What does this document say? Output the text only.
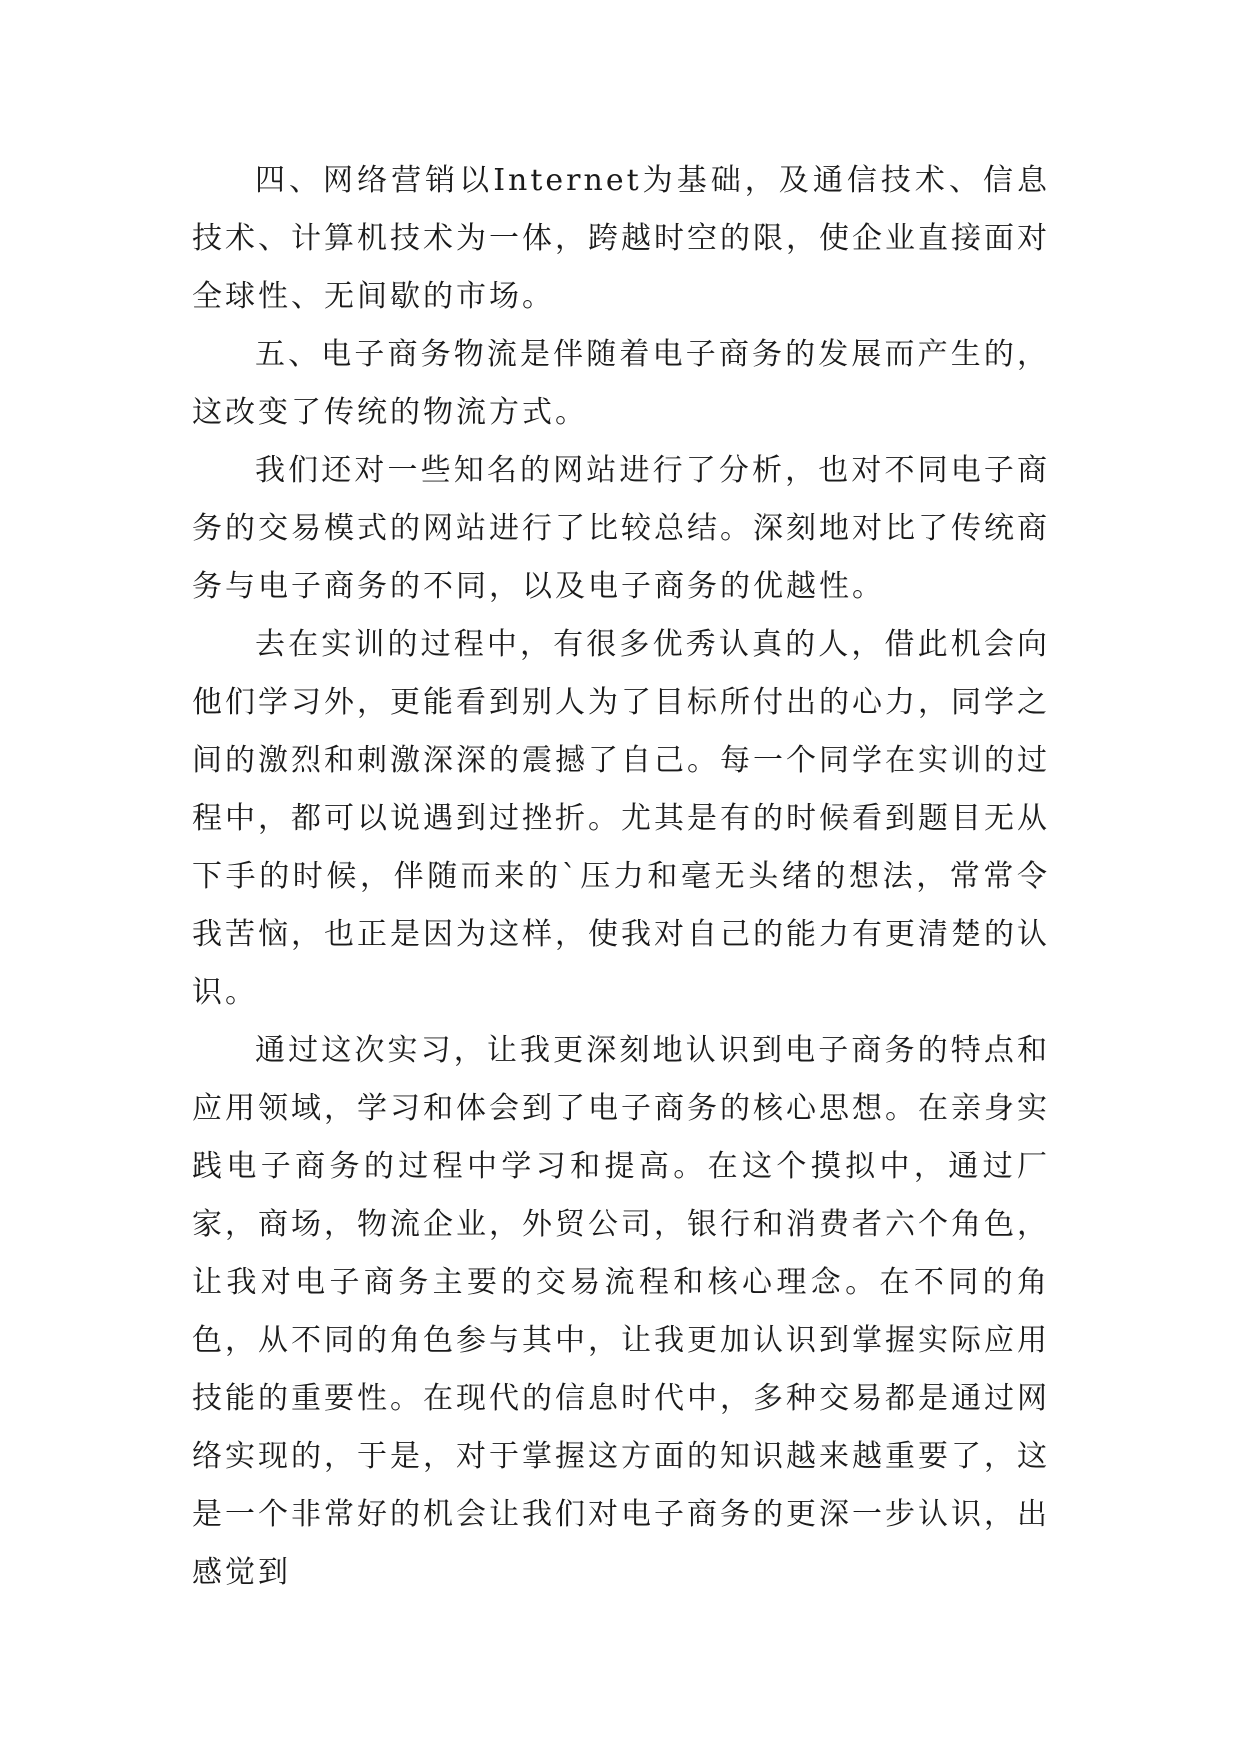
四、网络营销以Internet为基础，及通信技术、信息技术、计算机技术为一体，跨越时空的限，使企业直接面对全球性、无间歇的市场。

五、电子商务物流是伴随着电子商务的发展而产生的，这改变了传统的物流方式。

我们还对一些知名的网站进行了分析，也对不同电子商务的交易模式的网站进行了比较总结。深刻地对比了传统商务与电子商务的不同，以及电子商务的优越性。

去在实训的过程中，有很多优秀认真的人，借此机会向他们学习外，更能看到别人为了目标所付出的心力，同学之间的激烈和刺激深深的震撼了自己。每一个同学在实训的过程中，都可以说遇到过挫折。尤其是有的时候看到题目无从下手的时候，伴随而来的`压力和毫无头绪的想法，常常令我苦恼，也正是因为这样，使我对自己的能力有更清楚的认识。

通过这次实习，让我更深刻地认识到电子商务的特点和应用领域，学习和体会到了电子商务的核心思想。在亲身实践电子商务的过程中学习和提高。在这个摸拟中，通过厂家，商场，物流企业，外贸公司，银行和消费者六个角色，让我对电子商务主要的交易流程和核心理念。在不同的角色，从不同的角色参与其中，让我更加认识到掌握实际应用技能的重要性。在现代的信息时代中，多种交易都是通过网络实现的，于是，对于掌握这方面的知识越来越重要了，这是一个非常好的机会让我们对电子商务的更深一步认识，出感觉到
